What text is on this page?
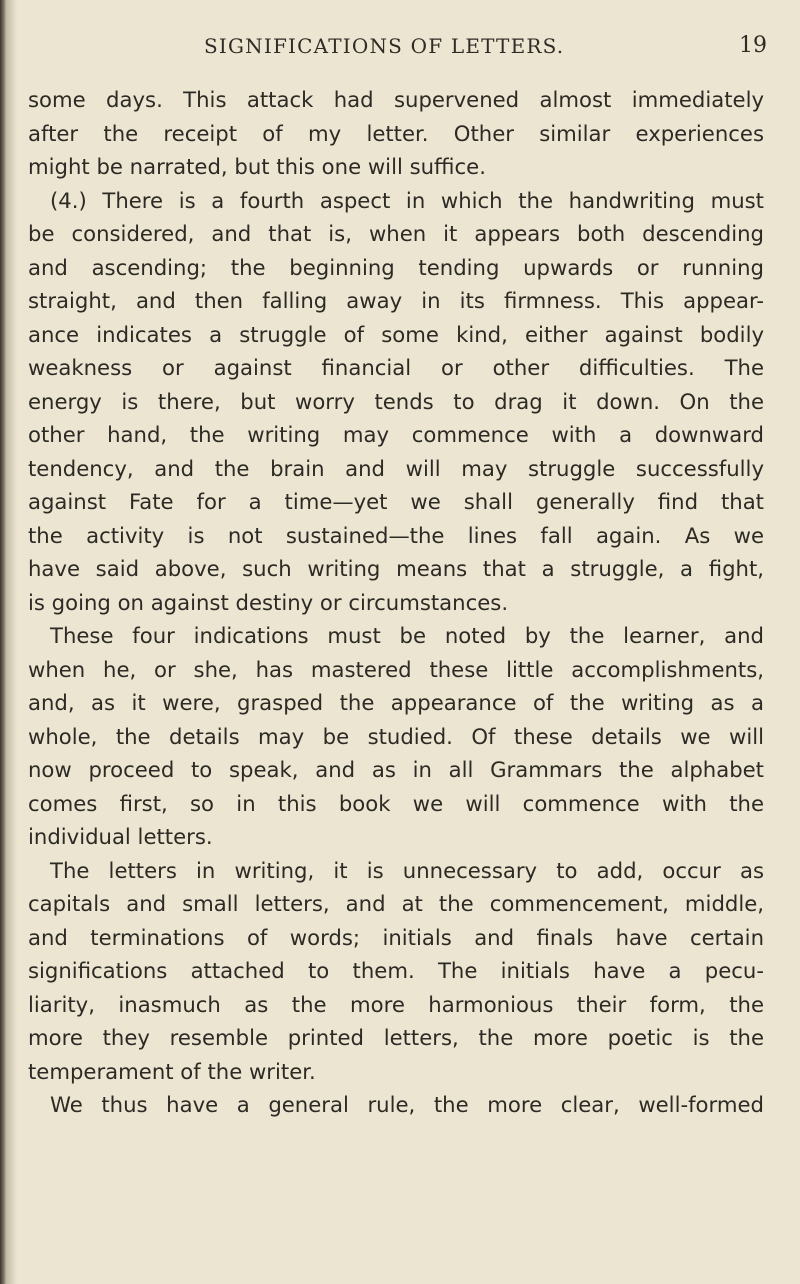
SIGNIFICATIONS OF LETTERS.	19
some days. This attack had supervened almost immediately
after the receipt of my letter. Other similar experiences
might be narrated, but this one will suffice.
(4.) There is a fourth aspect in which the handwriting must
be considered, and that is, when it appears both descending
and ascending; the beginning tending upwards or running
straight, and then falling away in its firmness. This appear-
ance indicates a struggle of some kind, either against bodily
weakness or against financial or other difficulties. The
energy is there, but worry tends to drag it down. On the
other hand, the writing may commence with a downward
tendency, and the brain and will may struggle successfully
against Fate for a time—yet we shall generally find that
the activity is not sustained—the lines fall again. As we
have said above, such writing means that a struggle, a fight,
is going on against destiny or circumstances.
These four indications must be noted by the learner, and
when he, or she, has mastered these little accomplishments,
and, as it were, grasped the appearance of the writing as a
whole, the details may be studied. Of these details we will
now proceed to speak, and as in all Grammars the alphabet
comes first, so in this book we will commence with the
individual letters.
The letters in writing, it is unnecessary to add, occur as
capitals and small letters, and at the commencement, middle,
and terminations of words; initials and finals have certain
significations attached to them. The initials have a pecu-
liarity, inasmuch as the more harmonious their form, the
more they resemble printed letters, the more poetic is the
temperament of the writer.
We thus have a general rule, the more clear, well-formed
